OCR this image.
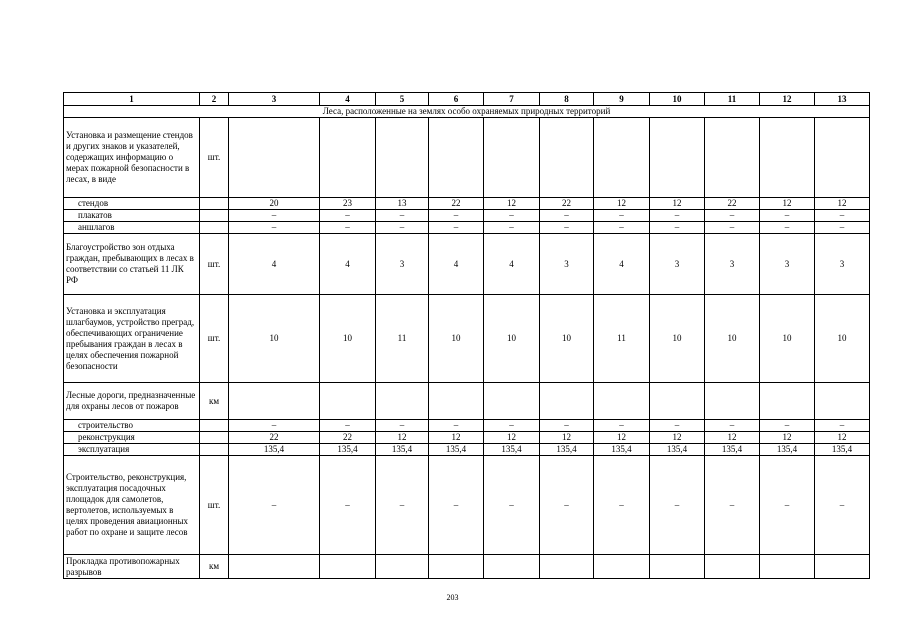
1	2	3	4	5	6	7	8	9	10	11	12	13
Леса, расположенные на землях особо охраняемых природных территорий												
Установка и размещение стендов и других знаков и указателей, содержащих информацию о мерах пожарной безопасности в лесах, в виде	шт.											
стендов		20	23	13	22	12	22	12	12	22	12	12
плакатов		–	–	–	–	–	–	–	–	–	–	–
аншлагов		–	–	–	–	–	–	–	–	–	–	–
Благоустройство зон отдыха граждан, пребывающих в лесах в соответствии со статьей 11 ЛК РФ	шт.	4	4	3	4	4	3	4	3	3	3	3
Установка и эксплуатация шлагбаумов, устройство преград, обеспечивающих ограничение пребывания граждан в лесах в целях обеспечения пожарной безопасности	шт.	10	10	11	10	10	10	11	10	10	10	10
Лесные дороги, предназначенные для охраны лесов от пожаров	км											
строительство		–	–	–	–	–	–	–	–	–	–	–
реконструкция		22	22	12	12	12	12	12	12	12	12	12
эксплуатация		135,4	135,4	135,4	135,4	135,4	135,4	135,4	135,4	135,4	135,4	135,4
Строительство, реконструкция, эксплуатация посадочных площадок для самолетов, вертолетов, используемых в целях проведения авиационных работ по охране и защите лесов	шт.	–	–	–	–	–	–	–	–	–	–	–
Прокладка противопожарных разрывов	км											
203
